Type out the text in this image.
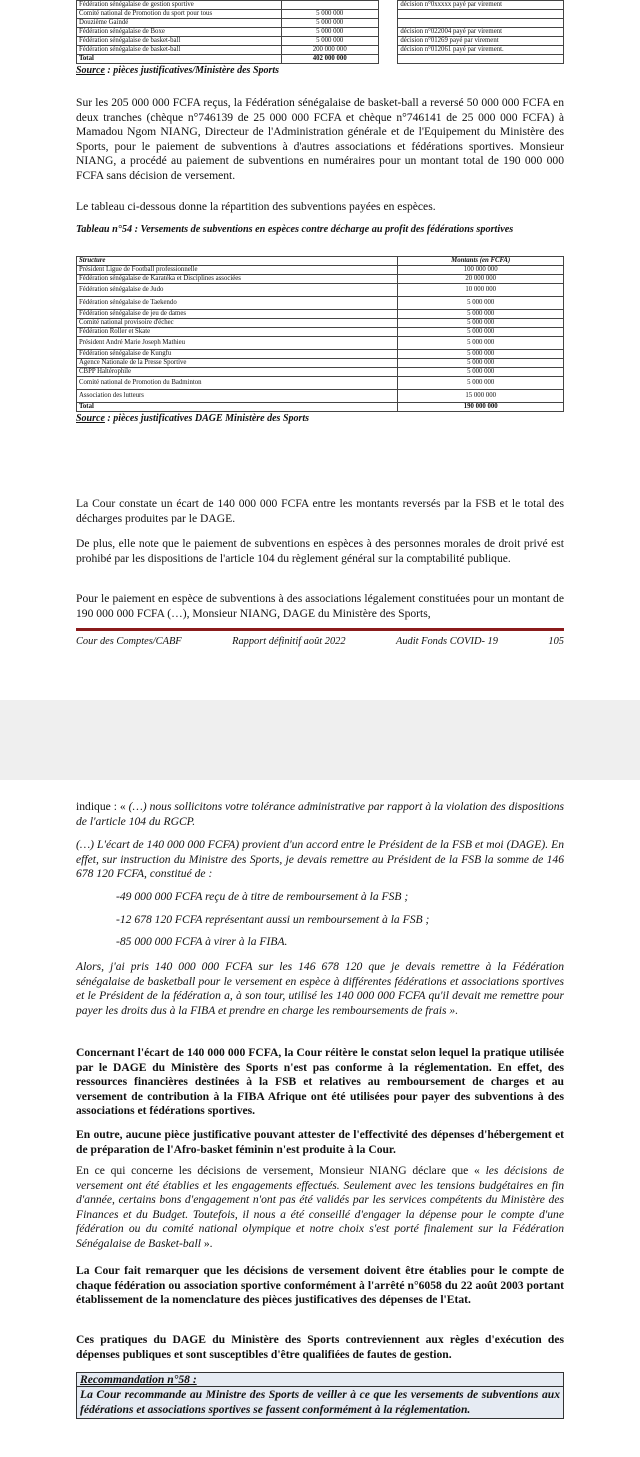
Fédération sénégalaise de gestion sportive			décision n°0xxxxx payé par virement
Comité national de Promotion du sport pour tous	5 000 000		
Douzième Gaindé	5 000 000		
Fédération sénégalaise de Boxe	5 000 000		décision n°022004 payé par virement
Fédération sénégalaise de basket-ball	5 000 000		décision n°01269 payé par virement
Fédération sénégalaise de basket-ball	200 000 000		décision n°012061 payé par virement.
Total	402 000 000		
Source : pièces justificatives/Ministère des Sports

Sur les 205 000 000 FCFA reçus, la Fédération sénégalaise de basket-ball a reversé 50 000 000 FCFA en deux tranches (chèque n°746139 de 25 000 000 FCFA et chèque n°746141 de 25 000 000 FCFA) à Mamadou Ngom NIANG, Directeur de l'Administration générale et de l'Equipement du Ministère des Sports, pour le paiement de subventions à d'autres associations et fédérations sportives. Monsieur NIANG, a procédé au paiement de subventions en numéraires pour un montant total de 190 000 000 FCFA sans décision de versement.

Le tableau ci-dessous donne la répartition des subventions payées en espèces.

Tableau n°54 : Versements de subventions en espèces contre décharge au profit des fédérations sportives

Structure	Montants (en FCFA)
Président Ligue de Football professionnelle	100 000 000
Fédération sénégalaise de Karatéka et Disciplines associées	20 000 000
Fédération sénégalaise de Judo	10 000 000
Fédération sénégalaise de Taekendo	5 000 000
Fédération sénégalaise de jeu de dames	5 000 000
Comité national provisoire d'échec	5 000 000
Fédération Roller et Skate	5 000 000
Président André Marie Joseph Mathieu	5 000 000
Fédération sénégalaise de Kungfu	5 000 000
Agence Nationale de la Presse Sportive	5 000 000
CBPP Haltérophile	5 000 000
Comité national de Promotion du Badminton	5 000 000
Association des lutteurs	15 000 000
Total	190 000 000
Source : pièces justificatives DAGE Ministère des Sports

La Cour constate un écart de 140 000 000 FCFA entre les montants reversés par la FSB et le total des décharges produites par le DAGE.

De plus, elle note que le paiement de subventions en espèces à des personnes morales de droit privé est prohibé par les dispositions de l'article 104 du règlement général sur la comptabilité publique.

Pour le paiement en espèce de subventions à des associations légalement constituées pour un montant de 190 000 000 FCFA (…), Monsieur NIANG, DAGE du Ministère des Sports,

Cour des Comptes/CABF	Rapport définitif août 2022	Audit Fonds COVID- 19	105

indique : « (…) nous sollicitons votre tolérance administrative par rapport à la violation des dispositions de l'article 104 du RGCP.

(…) L'écart de 140 000 000 FCFA) provient d'un accord entre le Président de la FSB et moi (DAGE). En effet, sur instruction du Ministre des Sports, je devais remettre au Président de la FSB la somme de 146 678 120 FCFA, constitué de :

-49 000 000 FCFA reçu de à titre de remboursement à la FSB ;
-12 678 120 FCFA représentant aussi un remboursement à la FSB ;
-85 000 000 FCFA à virer à la FIBA.

Alors, j'ai pris 140 000 000 FCFA sur les 146 678 120 que je devais remettre à la Fédération sénégalaise de basketball pour le versement en espèce à différentes fédérations et associations sportives et le Président de la fédération a, à son tour, utilisé les 140 000 000 FCFA qu'il devait me remettre pour payer les droits dus à la FIBA et prendre en charge les remboursements de frais ».

Concernant l'écart de 140 000 000 FCFA, la Cour réitère le constat selon lequel la pratique utilisée par le DAGE du Ministère des Sports n'est pas conforme à la réglementation. En effet, des ressources financières destinées à la FSB et relatives au remboursement de charges et au versement de contribution à la FIBA Afrique ont été utilisées pour payer des subventions à des associations et fédérations sportives.

En outre, aucune pièce justificative pouvant attester de l'effectivité des dépenses d'hébergement et de préparation de l'Afro-basket féminin n'est produite à la Cour.

En ce qui concerne les décisions de versement, Monsieur NIANG déclare que « les décisions de versement ont été établies et les engagements effectués. Seulement avec les tensions budgétaires en fin d'année, certains bons d'engagement n'ont pas été validés par les services compétents du Ministère des Finances et du Budget. Toutefois, il nous a été conseillé d'engager la dépense pour le compte d'une fédération ou du comité national olympique et notre choix s'est porté finalement sur la Fédération Sénégalaise de Basket-ball ».

La Cour fait remarquer que les décisions de versement doivent être établies pour le compte de chaque fédération ou association sportive conformément à l'arrêté n°6058 du 22 août 2003 portant établissement de la nomenclature des pièces justificatives des dépenses de l'Etat.

Ces pratiques du DAGE du Ministère des Sports contreviennent aux règles d'exécution des dépenses publiques et sont susceptibles d'être qualifiées de fautes de gestion.

Recommandation n°58 :
La Cour recommande au Ministre des Sports de veiller à ce que les versements de subventions aux fédérations et associations sportives se fassent conformément à la réglementation.
